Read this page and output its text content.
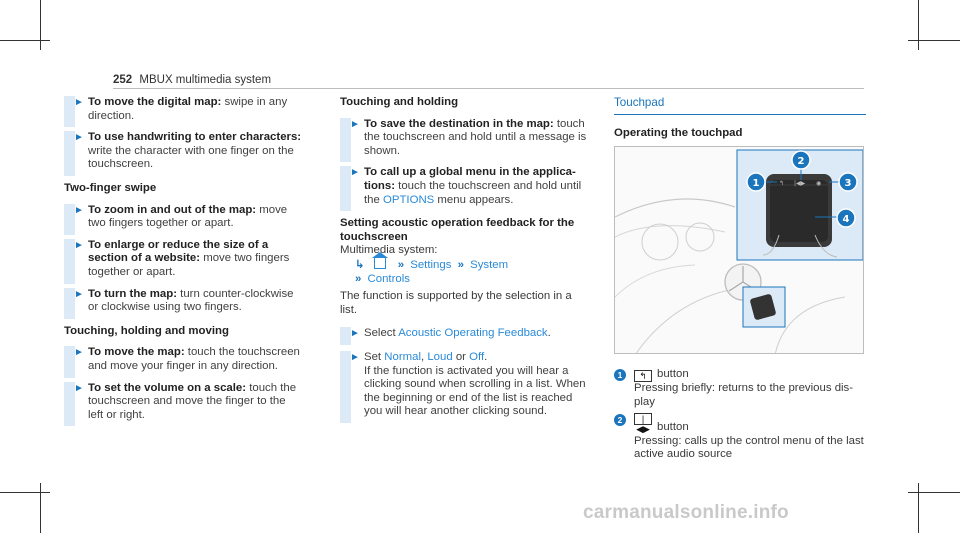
252 MBUX multimedia system
► To move the digital map: swipe in any direction.

► To use handwriting to enter characters: write the character with one finger on the touchscreen.

Two-finger swipe
► To zoom in and out of the map: move two fingers together or apart.

► To enlarge or reduce the size of a section of a website: move two fingers together or apart.

► To turn the map: turn counter-clockwise or clockwise using two fingers.

Touching, holding and moving
► To move the map: touch the touchscreen and move your finger in any direction.

► To set the volume on a scale: touch the touchscreen and move the finger to the left or right.

Touching and holding
► To save the destination in the map: touch the touchscreen and hold until a message is shown.

► To call up a global menu in the applica- tions: touch the touchscreen and hold until the OPTIONS menu appears.

Setting acoustic operation feedback for the touchscreen

Multimedia system:

↳	» Settings » System

» Controls

The function is supported by the selection in a list.

► Select Acoustic Operating Feedback.

► Set Normal, Loud or Off.

If the function is activated you will hear a clicking sound when scrolling in a list. When the beginning or end of the list is reached you will hear another clicking sound.

Touchpad

Operating the touchpad

↰ |◀▶ ◉
1
2
3
4
1	↰ button

Pressing briefly: returns to the previous dis- play

2	|◀▶ button

Pressing: calls up the control menu of the last active audio source

carmanualsonline.info
